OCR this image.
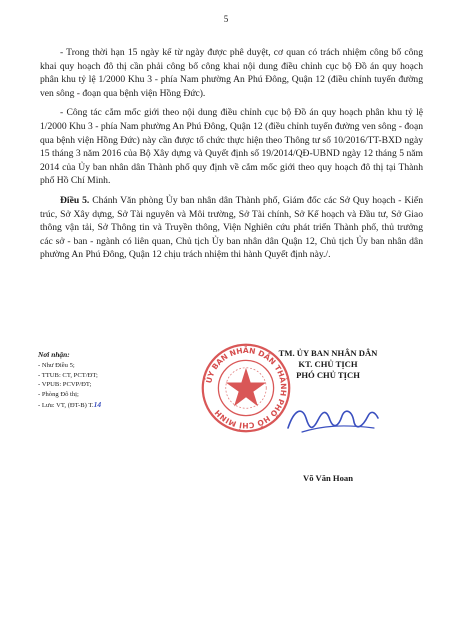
5

- Trong thời hạn 15 ngày kể từ ngày được phê duyệt, cơ quan có trách nhiệm công bố công khai quy hoạch đô thị cần phải công bố công khai nội dung điều chỉnh cục bộ Đồ án quy hoạch phân khu tỷ lệ 1/2000 Khu 3 - phía Nam phường An Phú Đông, Quận 12 (điều chỉnh tuyến đường ven sông - đoạn qua bệnh viện Hồng Đức).

- Công tác cắm mốc giới theo nội dung điều chỉnh cục bộ Đồ án quy hoạch phân khu tỷ lệ 1/2000 Khu 3 - phía Nam phường An Phú Đông, Quận 12 (điều chỉnh tuyến đường ven sông - đoạn qua bệnh viện Hồng Đức) này cần được tổ chức thực hiện theo Thông tư số 10/2016/TT-BXD ngày 15 tháng 3 năm 2016 của Bộ Xây dựng và Quyết định số 19/2014/QĐ-UBND ngày 12 tháng 5 năm 2014 của Ủy ban nhân dân Thành phố quy định về cắm mốc giới theo quy hoạch đô thị tại Thành phố Hồ Chí Minh.

Điều 5. Chánh Văn phòng Ủy ban nhân dân Thành phố, Giám đốc các Sở Quy hoạch - Kiến trúc, Sở Xây dựng, Sở Tài nguyên và Môi trường, Sở Tài chính, Sở Kế hoạch và Đầu tư, Sở Giao thông vận tải, Sở Thông tin và Truyền thông, Viện Nghiên cứu phát triển Thành phố, thủ trưởng các sở - ban - ngành có liên quan, Chủ tịch Ủy ban nhân dân Quận 12, Chủ tịch Ủy ban nhân dân phường An Phú Đông, Quận 12 chịu trách nhiệm thi hành Quyết định này./.

Nơi nhận:
- Như Điều 5;
- TTUB: CT, PCT/ĐT;
- VPUB: PCVP/ĐT;
- Phòng Đô thị;
- Lưu: VT, (ĐT-B) T.14
ỦY BAN NHÂN DÂN THÀNH PHỐ HỒ CHÍ MINH
TM. ỦY BAN NHÂN DÂN
KT. CHỦ TỊCH
PHÓ CHỦ TỊCH
Võ Văn Hoan
